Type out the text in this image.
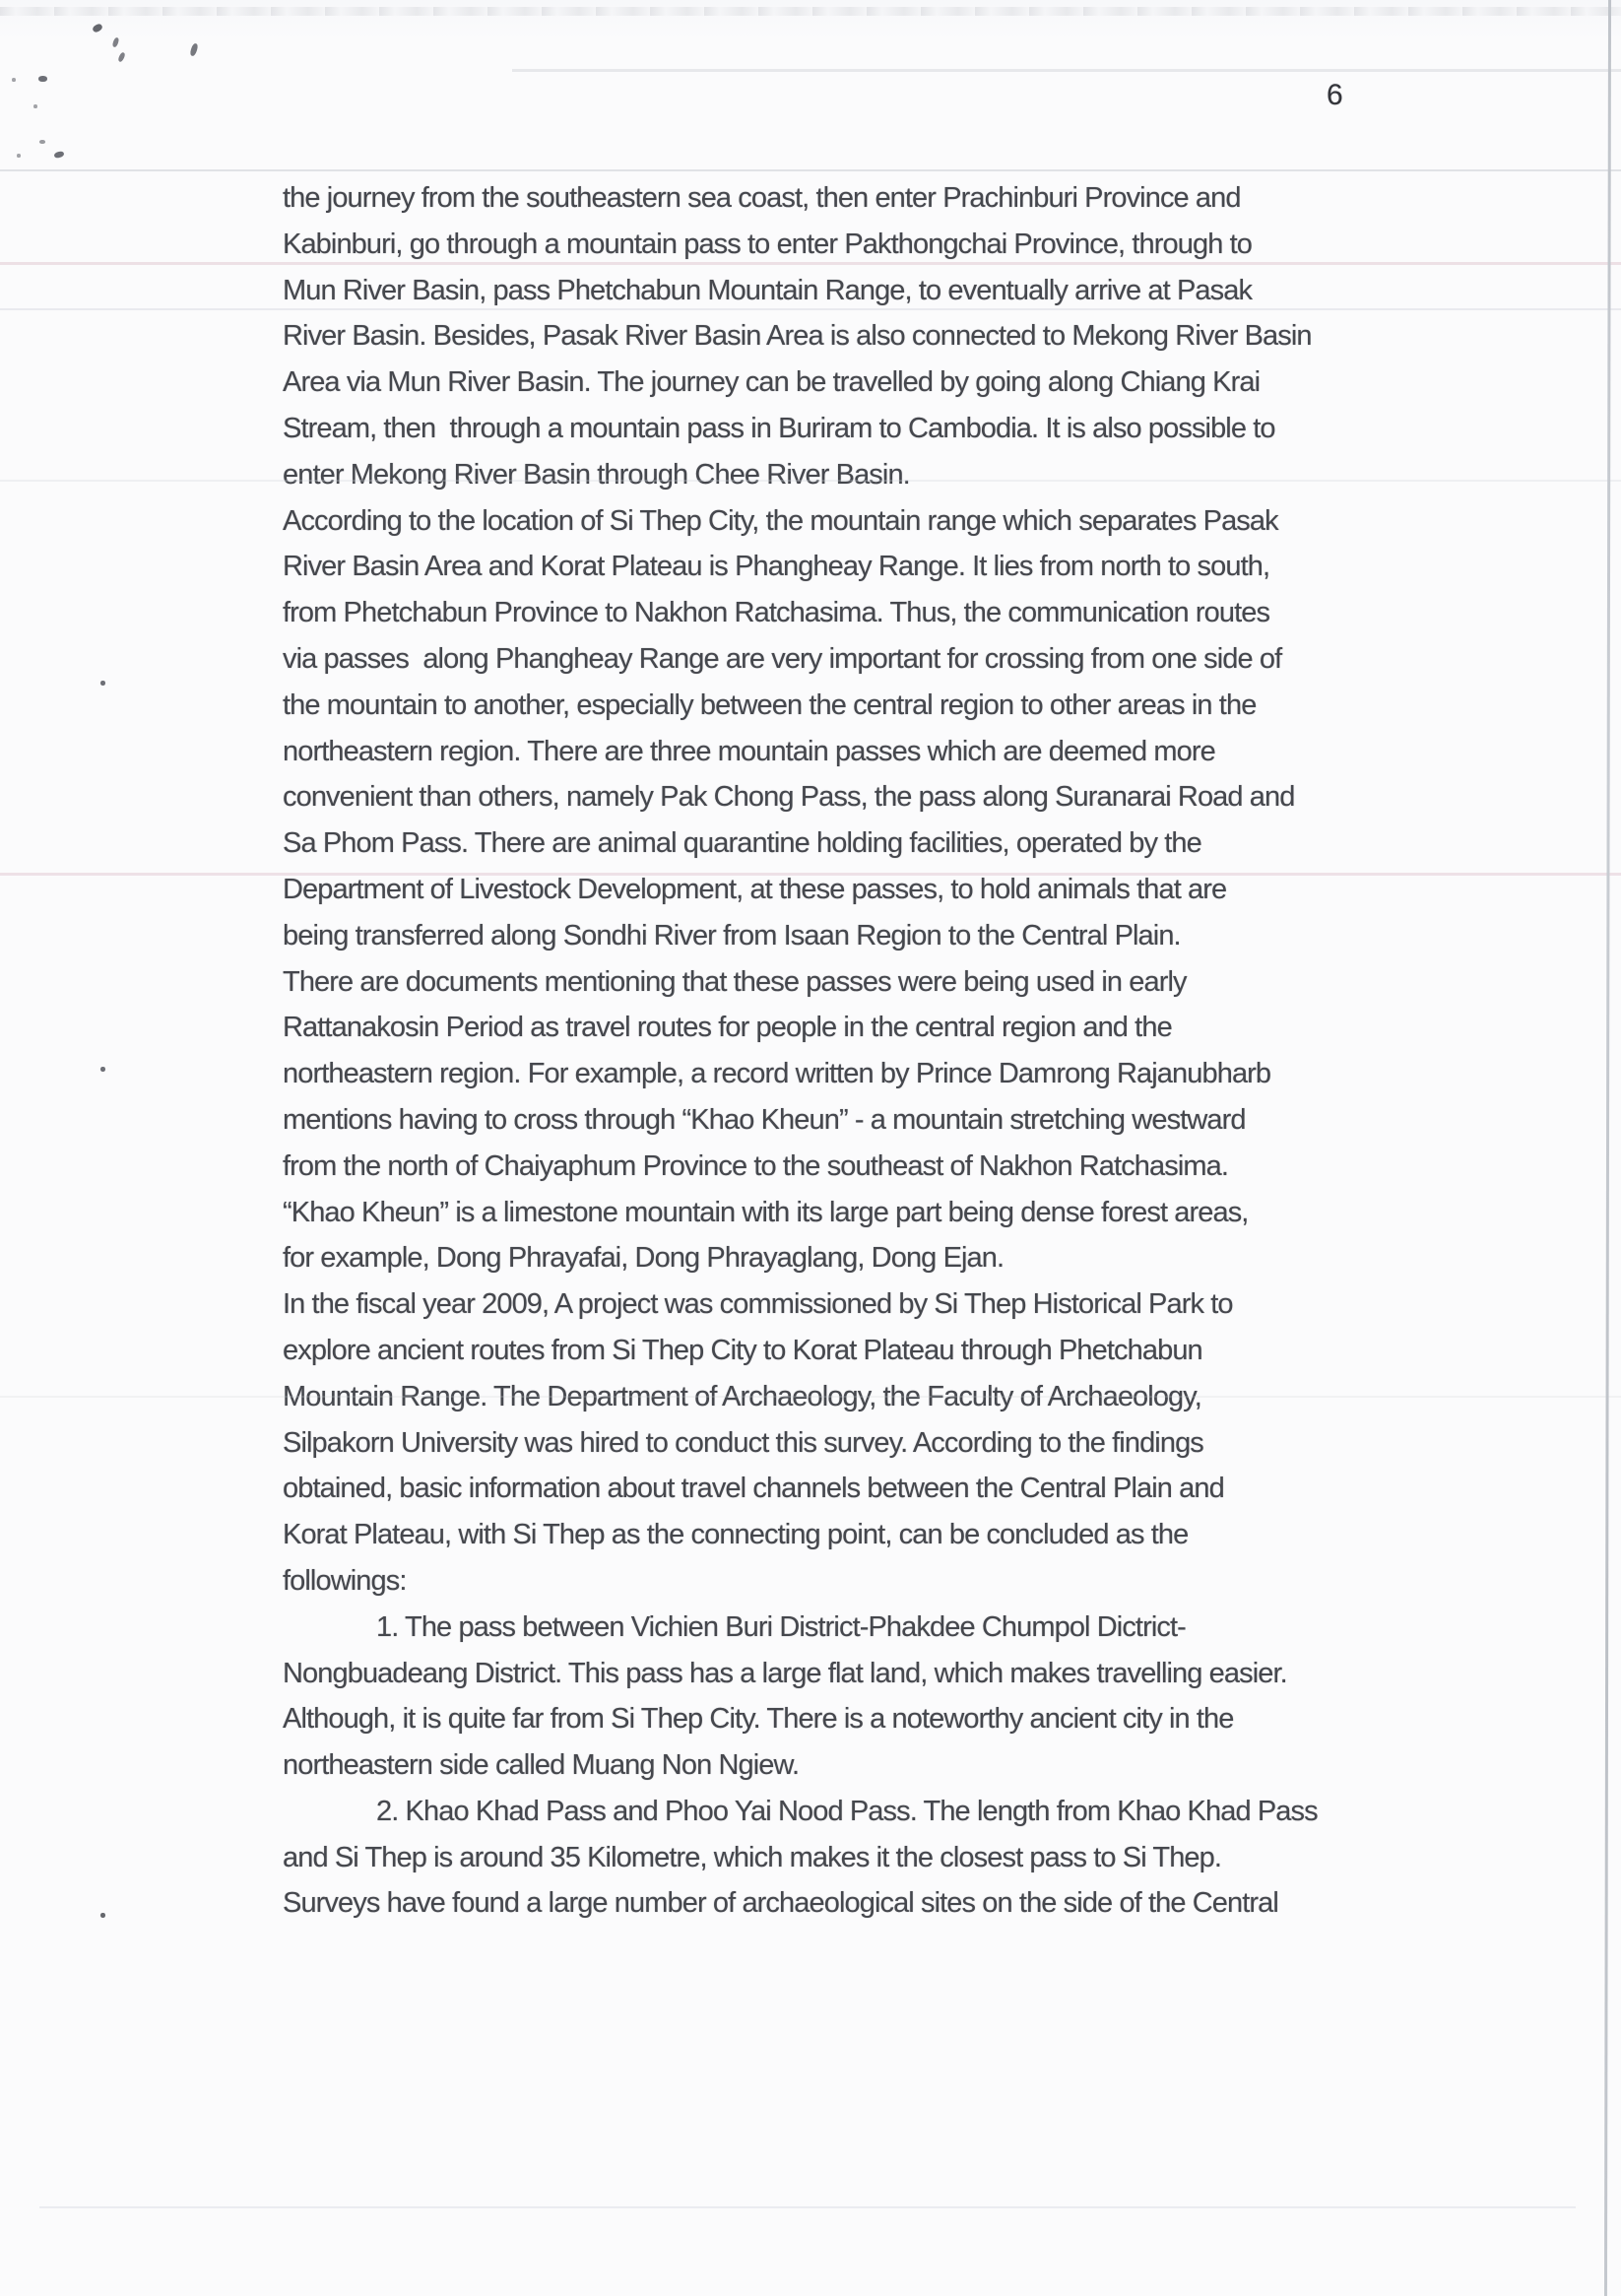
6
the journey from the southeastern sea coast, then enter Prachinburi Province and
Kabinburi, go through a mountain pass to enter Pakthongchai Province, through to
Mun River Basin, pass Phetchabun Mountain Range, to eventually arrive at Pasak
River Basin. Besides, Pasak River Basin Area is also connected to Mekong River Basin
Area via Mun River Basin. The journey can be travelled by going along Chiang Krai
Stream, then  through a mountain pass in Buriram to Cambodia. It is also possible to
enter Mekong River Basin through Chee River Basin.
According to the location of Si Thep City, the mountain range which separates Pasak
River Basin Area and Korat Plateau is Phangheay Range. It lies from north to south,
from Phetchabun Province to Nakhon Ratchasima. Thus, the communication routes
via passes  along Phangheay Range are very important for crossing from one side of
the mountain to another, especially between the central region to other areas in the
northeastern region. There are three mountain passes which are deemed more
convenient than others, namely Pak Chong Pass, the pass along Suranarai Road and
Sa Phom Pass. There are animal quarantine holding facilities, operated by the
Department of Livestock Development, at these passes, to hold animals that are
being transferred along Sondhi River from Isaan Region to the Central Plain.
There are documents mentioning that these passes were being used in early
Rattanakosin Period as travel routes for people in the central region and the
northeastern region. For example, a record written by Prince Damrong Rajanubharb
mentions having to cross through “Khao Kheun” - a mountain stretching westward
from the north of Chaiyaphum Province to the southeast of Nakhon Ratchasima.
“Khao Kheun” is a limestone mountain with its large part being dense forest areas,
for example, Dong Phrayafai, Dong Phrayaglang, Dong Ejan.
In the fiscal year 2009, A project was commissioned by Si Thep Historical Park to
explore ancient routes from Si Thep City to Korat Plateau through Phetchabun
Mountain Range. The Department of Archaeology, the Faculty of Archaeology,
Silpakorn University was hired to conduct this survey. According to the findings
obtained, basic information about travel channels between the Central Plain and
Korat Plateau, with Si Thep as the connecting point, can be concluded as the
followings:
1. The pass between Vichien Buri District-Phakdee Chumpol Dictrict-
Nongbuadeang District. This pass has a large flat land, which makes travelling easier.
Although, it is quite far from Si Thep City. There is a noteworthy ancient city in the
northeastern side called Muang Non Ngiew.
2. Khao Khad Pass and Phoo Yai Nood Pass. The length from Khao Khad Pass
and Si Thep is around 35 Kilometre, which makes it the closest pass to Si Thep.
Surveys have found a large number of archaeological sites on the side of the Central
